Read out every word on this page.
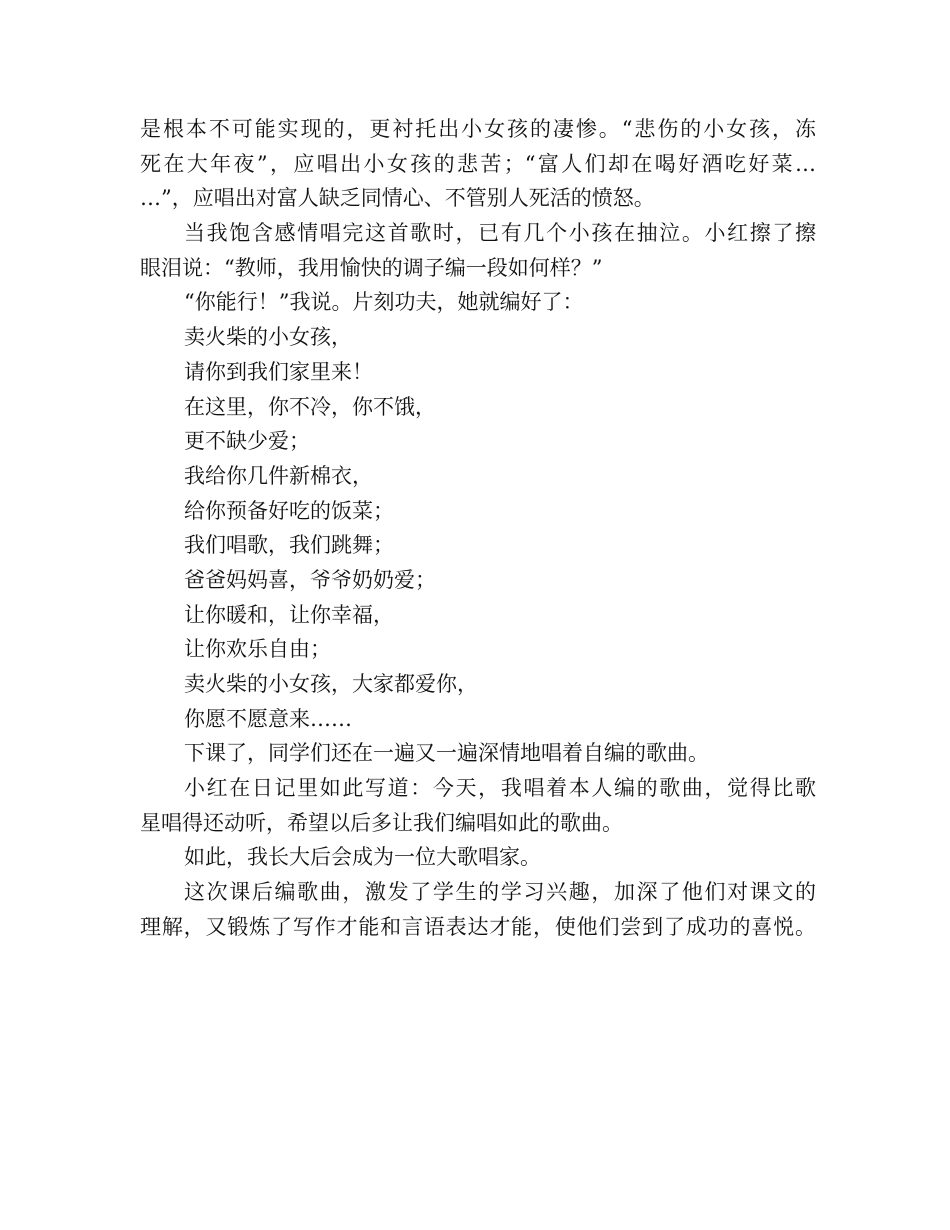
是根本不可能实现的，更衬托出小女孩的凄惨。“悲伤的小女孩，冻
死在大年夜”，应唱出小女孩的悲苦；“富人们却在喝好酒吃好菜…
…”，应唱出对富人缺乏同情心、不管别人死活的愤怒。
当我饱含感情唱完这首歌时，已有几个小孩在抽泣。小红擦了擦
眼泪说：“教师，我用愉快的调子编一段如何样？”
“你能行！”我说。片刻功夫，她就编好了：
卖火柴的小女孩，
请你到我们家里来！
在这里，你不冷，你不饿，
更不缺少爱；
我给你几件新棉衣，
给你预备好吃的饭菜；
我们唱歌，我们跳舞；
爸爸妈妈喜，爷爷奶奶爱；
让你暖和，让你幸福，
让你欢乐自由；
卖火柴的小女孩，大家都爱你，
你愿不愿意来……
下课了，同学们还在一遍又一遍深情地唱着自编的歌曲。
小红在日记里如此写道：今天，我唱着本人编的歌曲，觉得比歌
星唱得还动听，希望以后多让我们编唱如此的歌曲。
如此，我长大后会成为一位大歌唱家。
这次课后编歌曲，激发了学生的学习兴趣，加深了他们对课文的
理解，又锻炼了写作才能和言语表达才能，使他们尝到了成功的喜悦。
